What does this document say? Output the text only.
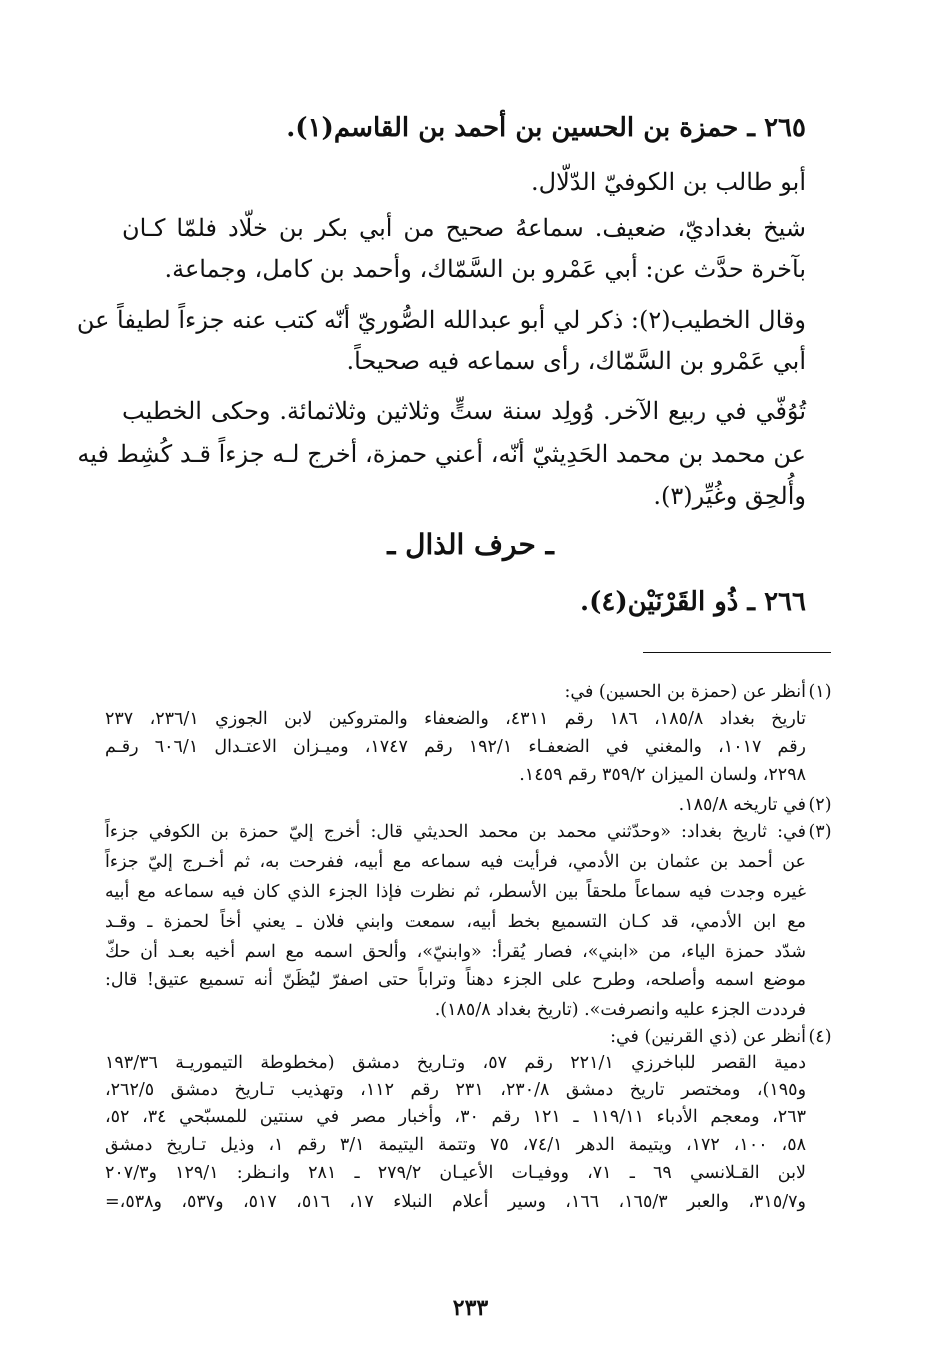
٢٦٥ ـ حمزة بن الحسين بن أحمد بن القاسم(١).
أبو طالب بن الكوفيّ الدّلّال.
شيخ بغداديّ، ضعيف. سماعهُ صحيح من أبي بكر بن خلّاد فلمّا كـان
بآخرة حدَّث عن: أبي عَمْرو بن السَّمّاك، وأحمد بن كامل، وجماعة.
وقال الخطيب(٢): ذكر لي أبو عبدالله الصُّوريّ أنّه كتب عنه جزءاً لطيفاً عن
أبي عَمْرو بن السَّمّاك، رأى سماعه فيه صحيحاً.
تُوُفّي في ربيع الآخر. وُولِد سنة ستٍّ وثلاثين وثلاثمائة. وحكى الخطيب
عن محمد بن محمد الحَدِيثيّ أنّه، أعني حمزة، أخرج لـه جزءاً قـد كُشِط فيه
وأُلحِق وغُيِّر(٣).
ـ حرف الذال ـ
٢٦٦ ـ ذُو القَرْنَيْن(٤).
(١)
أنظر عن (حمزة بن الحسين) في:
تاريخ بغداد ١٨٥/٨، ١٨٦ رقم ٤٣١١، والضعفاء والمتروكين لابن الجوزي ٢٣٦/١، ٢٣٧
رقم ١٠١٧، والمغني في الضعفـاء ١٩٢/١ رقم ١٧٤٧، وميـزان الاعتـدال ٦٠٦/١ رقـم
٢٢٩٨، ولسان الميزان ٣٥٩/٢ رقم ١٤٥٩.
(٢)
في تاريخه ١٨٥/٨.
(٣)
في: ثاريخ بغداد: «وحدّثني محمد بن محمد الحديثي قال: أخرج إليّ حمزة بن الكوفي جزءاً
عن أحمد بن عثمان بن الأدمي، فرأيت فيه سماعه مع أبيه، ففرحت به، ثم أخـرج إليّ جزءاً
غيره وجدت فيه سماعاً ملحقاً بين الأسطر، ثم نظرت فإذا الجزء الذي كان فيه سماعه مع أبيه
مع ابن الأدمي، قد كـان التسميع بخط أبيه، سمعت وابني فلان ـ يعني أخاً لحمزة ـ وقـد
شدّد حمزة الياء، من «ابني»، فصار يُقرأ: «وابنيّ»، وألحق اسمه مع اسم أخيه بعـد أن حكّ
موضع اسمه وأصلحه، وطرح على الجزء دهناً وتراباً حتى اصفرّ ليُظَنّ أنه تسميع عتيق! قال:
فرددت الجزء عليه وانصرفت». (تاريخ بغداد ١٨٥/٨).
(٤)
أنظر عن (ذي القرنين) في:
دمية القصر للباخرزي ٢٢١/١ رقم ٥٧، وتـاريخ دمشق (مخطوطة التيموريـة ١٩٣/٣٦
و١٩٥)، ومختصر تاريخ دمشق ٢٣٠/٨، ٢٣١ رقم ١١٢، وتهذيب تـاريخ دمشق ٢٦٢/٥،
٢٦٣، ومعجم الأدباء ١١٩/١١ ـ ١٢١ رقم ٣٠، وأخبار مصر في سنتين للمسبّحي ٣٤، ٥٢،
٥٨، ١٠٠، ١٧٢، ويتيمة الدهر ٧٤/١، ٧٥ وتتمة اليتيمة ٣/١ رقم ١، وذيل تـاريخ دمشق
لابن القـلانسي ٦٩ ـ ٧١، ووفيـات الأعيـان ٢٧٩/٢ ـ ٢٨١ وانـظر: ١٢٩/١ و٢٠٧/٣
و٣١٥/٧، والعبر ١٦٥/٣، ١٦٦، وسير أعلام النبلاء ١٧، ٥١٦، ٥١٧، و٥٣٧، و٥٣٨،=
٢٣٣
